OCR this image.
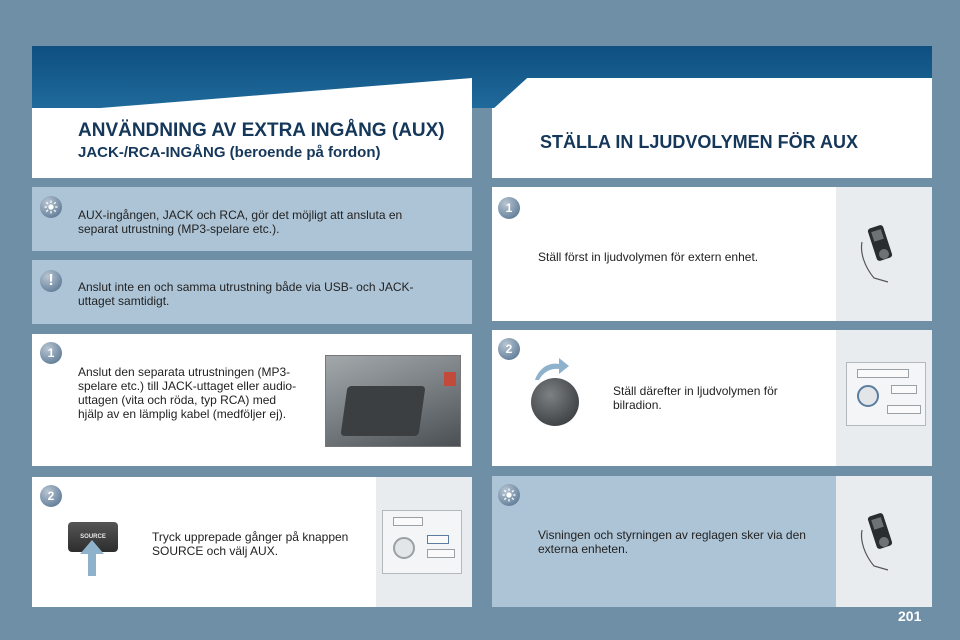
ANVÄNDNING AV EXTRA INGÅNG (AUX)
JACK-/RCA-INGÅNG (beroende på fordon)
STÄLLA IN LJUDVOLYMEN FÖR AUX
AUX-ingången, JACK och RCA, gör det möjligt att ansluta en separat utrustning (MP3-spelare etc.).
!	Anslut inte en och samma utrustning både via USB- och JACK-uttaget samtidigt.
1
Anslut den separata utrustningen (MP3-spelare etc.) till JACK-uttaget eller audio-uttagen (vita och röda, typ RCA) med hjälp av en lämplig kabel (medföljer ej).
2
SOURCE	Tryck upprepade gånger på knappen SOURCE och välj AUX.
1
Ställ först in ljudvolymen för extern enhet.
2
Ställ därefter in ljudvolymen för bilradion.
Visningen och styrningen av reglagen sker via den externa enheten.
201
